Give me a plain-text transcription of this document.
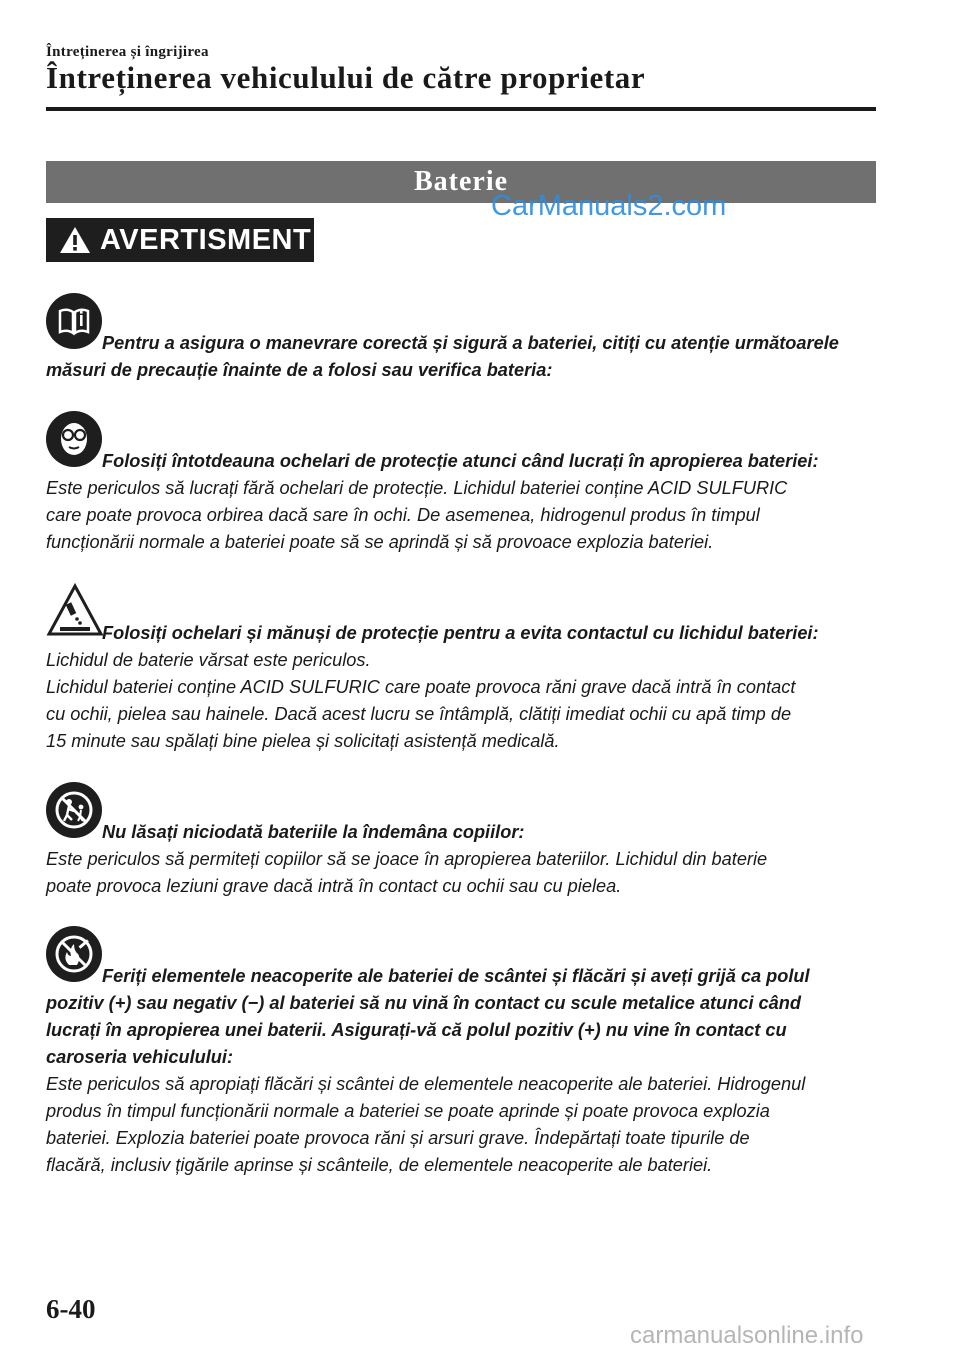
Întreținerea și îngrijirea
Întreținerea vehiculului de către proprietar
Baterie
CarManuals2.com
AVERTISMENT

Pentru a asigura o manevrare corectă și sigură a bateriei, citiți cu atenție următoarele

măsuri de precauție înainte de a folosi sau verifica bateria:

Folosiți întotdeauna ochelari de protecție atunci când lucrați în apropierea bateriei:

Este periculos să lucrați fără ochelari de protecție. Lichidul bateriei conține ACID SULFURIC

care poate provoca orbirea dacă sare în ochi. De asemenea, hidrogenul produs în timpul

funcționării normale a bateriei poate să se aprindă și să provoace explozia bateriei.

Folosiți ochelari și mănuși de protecție pentru a evita contactul cu lichidul bateriei:

Lichidul de baterie vărsat este periculos.

Lichidul bateriei conține ACID SULFURIC care poate provoca răni grave dacă intră în contact

cu ochii, pielea sau hainele. Dacă acest lucru se întâmplă, clătiți imediat ochii cu apă timp de

15 minute sau spălați bine pielea și solicitați asistență medicală.

Nu lăsați niciodată bateriile la îndemâna copiilor:

Este periculos să permiteți copiilor să se joace în apropierea bateriilor. Lichidul din baterie

poate provoca leziuni grave dacă intră în contact cu ochii sau cu pielea.

Feriți elementele neacoperite ale bateriei de scântei și flăcări și aveți grijă ca polul

pozitiv (+) sau negativ (−) al bateriei să nu vină în contact cu scule metalice atunci când

lucrați în apropierea unei baterii. Asigurați-vă că polul pozitiv (+) nu vine în contact cu

caroseria vehiculului:

Este periculos să apropiați flăcări și scântei de elementele neacoperite ale bateriei. Hidrogenul

produs în timpul funcționării normale a bateriei se poate aprinde și poate provoca explozia

bateriei. Explozia bateriei poate provoca răni și arsuri grave. Îndepărtați toate tipurile de

flacără, inclusiv țigările aprinse și scânteile, de elementele neacoperite ale bateriei.

6-40
carmanualsonline.info
